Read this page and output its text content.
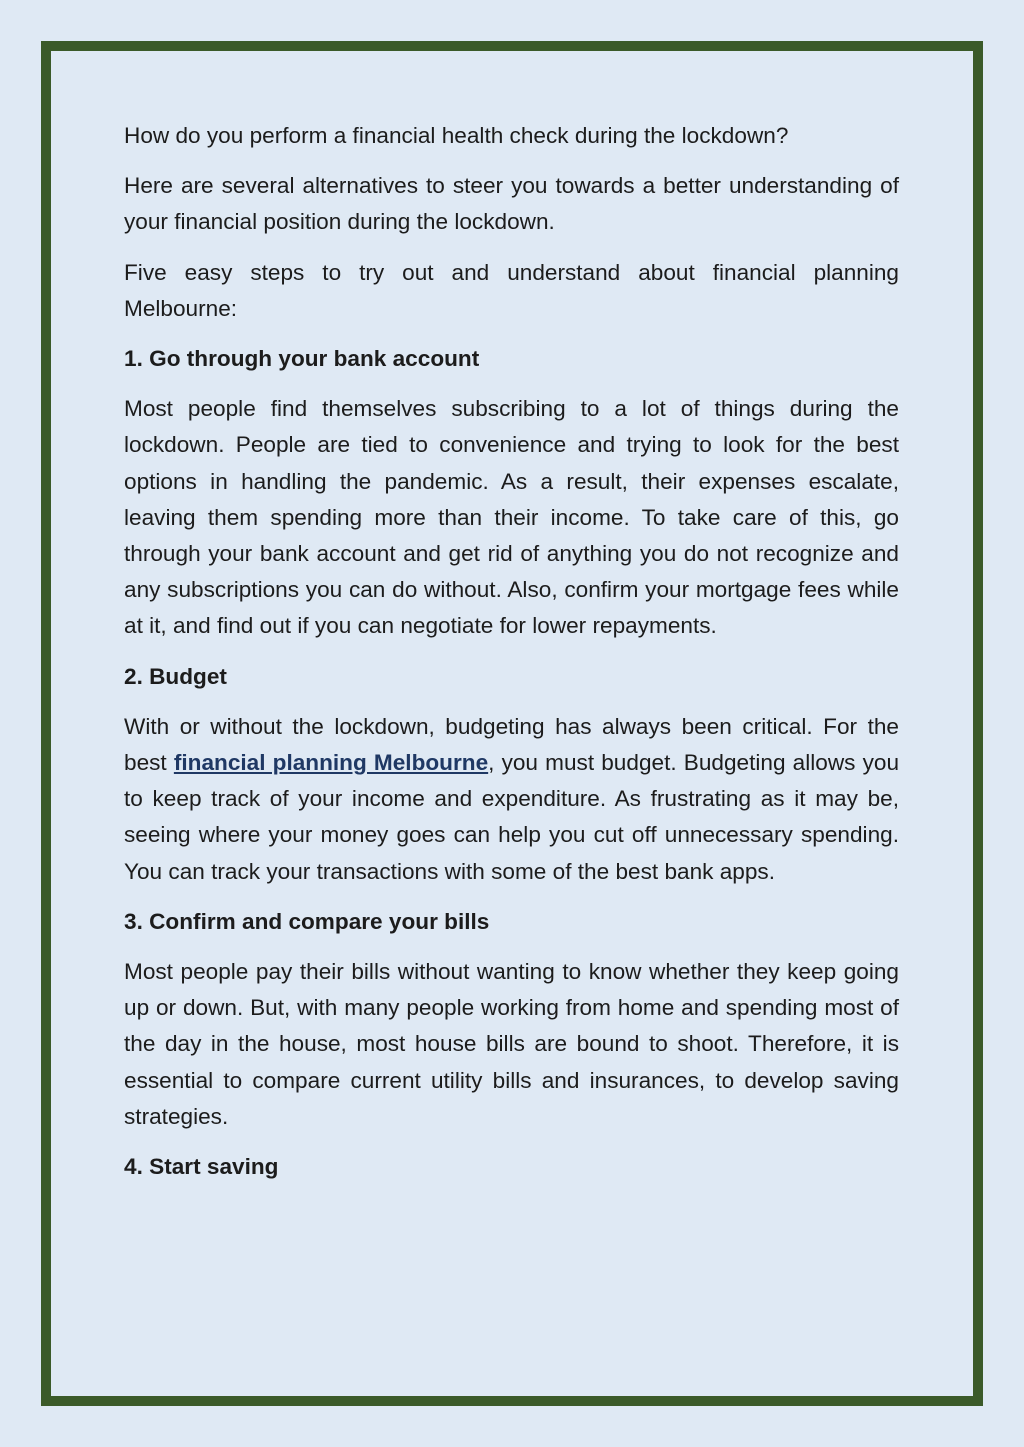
How do you perform a financial health check during the lockdown?

Here are several alternatives to steer you towards a better understanding of your financial position during the lockdown.

Five easy steps to try out and understand about financial planning Melbourne:

1. Go through your bank account

Most people find themselves subscribing to a lot of things during the lockdown. People are tied to convenience and trying to look for the best options in handling the pandemic. As a result, their expenses escalate, leaving them spending more than their income. To take care of this, go through your bank account and get rid of anything you do not recognize and any subscriptions you can do without. Also, confirm your mortgage fees while at it, and find out if you can negotiate for lower repayments.

2. Budget

With or without the lockdown, budgeting has always been critical. For the best financial planning Melbourne, you must budget. Budgeting allows you to keep track of your income and expenditure. As frustrating as it may be, seeing where your money goes can help you cut off unnecessary spending. You can track your transactions with some of the best bank apps.

3. Confirm and compare your bills

Most people pay their bills without wanting to know whether they keep going up or down. But, with many people working from home and spending most of the day in the house, most house bills are bound to shoot. Therefore, it is essential to compare current utility bills and insurances, to develop saving strategies.

4. Start saving
